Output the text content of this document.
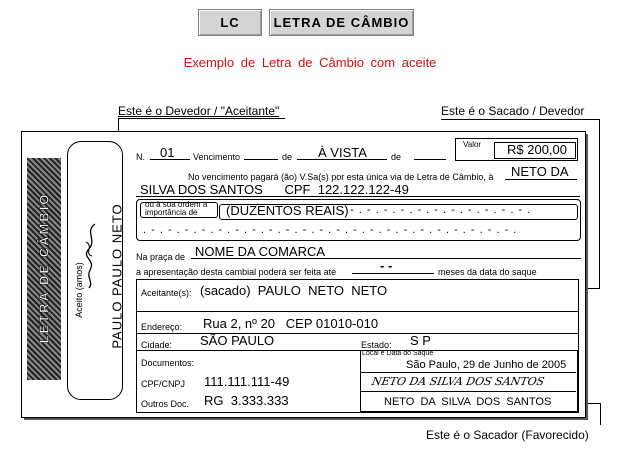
LC	LETRA DE CÂMBIO
Exemplo de Letra de Câmbio com aceite
Este é o Devedor / "Aceitante"	Este é o Sacado / Devedor
Este é o Sacador (Favorecido)
LETRA DE CÂMBIO	Aceito (amos) PAULO PAULO NETO
N. 01 Vencimento	de À VISTA	de
Valor R$ 200,00
No vencimento pagará (ão) V.Sa(s) por esta única via de Letra de Câmbio, à NETO DA
SILVA DOS SANTOS      CPF  122.122.122-49
ou à sua ordem a
importância de	(DUZENTOS REAIS)
. - . - . - . - . - . - . - . - . - . - . - .
. - . - . - . - . - . - . - . - . - . - . - . - . - . - . - . - . - . - . - . - . - . - .
Na praça de NOME DA COMARCA
a apresentação desta cambial poderá ser feita até	- -	meses da data do saque
Aceitante(s): (sacado)  PAULO  NETO  NETO
Endereço: Rua 2, nº 20   CEP 01010-010
Cidade: SÃO PAULO	Estado: S P
Documentos:
Local e Data do Saque
São Paulo, 29 de Junho de 2005
CPF/CNPJ 111.111.111-49	NETO DA SILVA DOS SANTOS
Outros Doc. RG  3.333.333	NETO  DA  SILVA  DOS  SANTOS
